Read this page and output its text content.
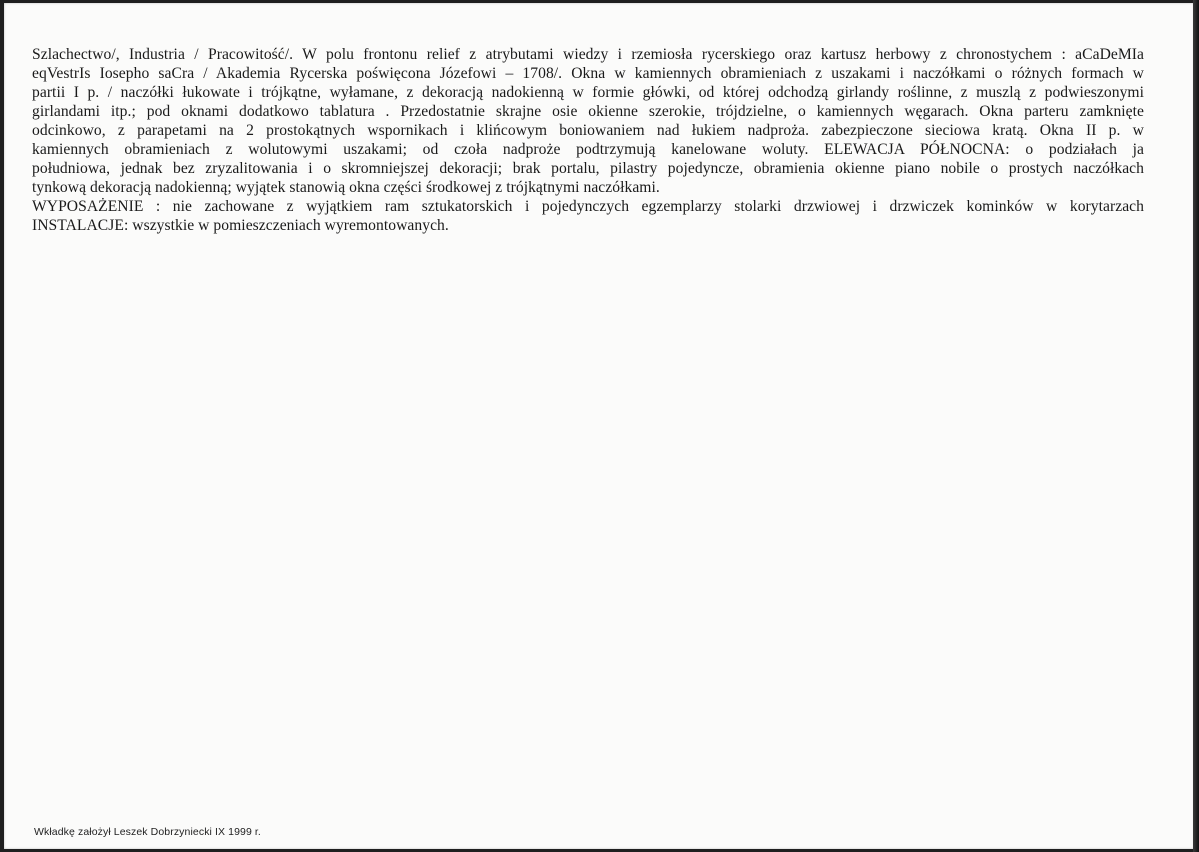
Szlachectwo/, Industria / Pracowitość/. W polu frontonu relief z atrybutami wiedzy i rzemiosła rycerskiego oraz kartusz herbowy z chronostychem : aCaDeMIa
eqVestrIs Iosepho saCra / Akademia Rycerska poświęcona Józefowi – 1708/. Okna w kamiennych obramieniach z uszakami i naczółkami o różnych formach w
partii I p. / naczółki łukowate i trójkątne, wyłamane, z dekoracją nadokienną w formie główki, od której odchodzą girlandy roślinne, z muszlą z podwieszonymi
girlandami itp.; pod oknami dodatkowo tablatura . Przedostatnie skrajne osie okienne szerokie, trójdzielne, o kamiennych węgarach. Okna parteru zamknięte
odcinkowo, z parapetami na 2 prostokątnych wspornikach i klińcowym boniowaniem nad łukiem nadproża. zabezpieczone sieciowa kratą. Okna II p. w
kamiennych obramieniach z wolutowymi uszakami; od czoła nadproże podtrzymują kanelowane woluty. ELEWACJA PÓŁNOCNA: o podziałach ja
południowa, jednak bez zryzalitowania i o skromniejszej dekoracji; brak portalu, pilastry pojedyncze, obramienia okienne piano nobile o prostych naczółkach
tynkową dekoracją nadokienną; wyjątek stanowią okna części środkowej z trójkątnymi naczółkami.
WYPOSAŻENIE : nie zachowane z wyjątkiem ram sztukatorskich i pojedynczych egzemplarzy stolarki drzwiowej i drzwiczek kominków w korytarzach
INSTALACJE: wszystkie w pomieszczeniach wyremontowanych.
Wkładkę założył Leszek Dobrzyniecki IX 1999 r.
